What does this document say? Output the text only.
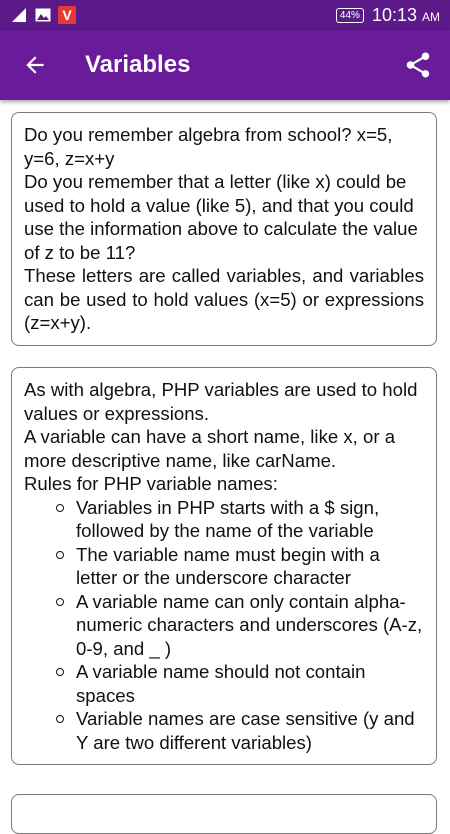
V	44% 10:13 AM
Variables

Do you remember algebra from school? x=5, y=6, z=x+y

Do you remember that a letter (like x) could be used to hold a value (like 5), and that you could use the information above to calculate the value of z to be 11?

These letters are called variables, and variables can be used to hold values (x=5) or expressions (z=x+y).

As with algebra, PHP variables are used to hold values or expressions.

A variable can have a short name, like x, or a more descriptive name, like carName.

Rules for PHP variable names:

Variables in PHP starts with a $ sign, followed by the name of the variable
The variable name must begin with a letter or the underscore character
A variable name can only contain alpha-numeric characters and underscores (A-z, 0-9, and _ )
A variable name should not contain spaces
Variable names are case sensitive (y and Y are two different variables)
